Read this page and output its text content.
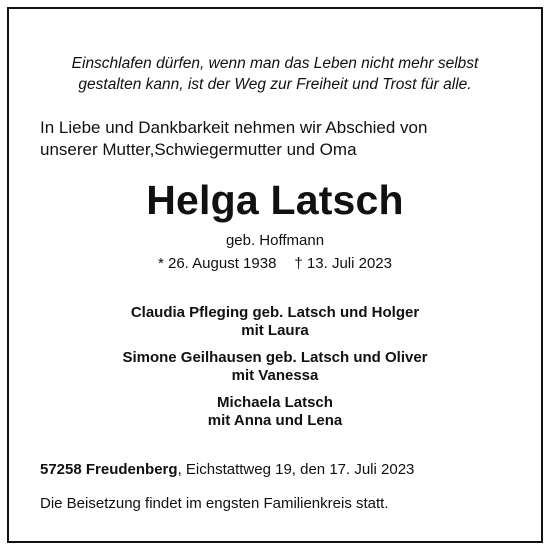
Einschlafen dürfen, wenn man das Leben nicht mehr selbst
gestalten kann, ist der Weg zur Freiheit und Trost für alle.
In Liebe und Dankbarkeit nehmen wir Abschied von
unserer Mutter,Schwiegermutter und Oma
Helga Latsch
geb. Hoffmann
* 26. August 1938 † 13. Juli 2023
Claudia Pfleging geb. Latsch und Holger
mit Laura
Simone Geilhausen geb. Latsch und Oliver
mit Vanessa
Michaela Latsch
mit Anna und Lena
57258 Freudenberg, Eichstattweg 19, den 17. Juli 2023
Die Beisetzung findet im engsten Familienkreis statt.
